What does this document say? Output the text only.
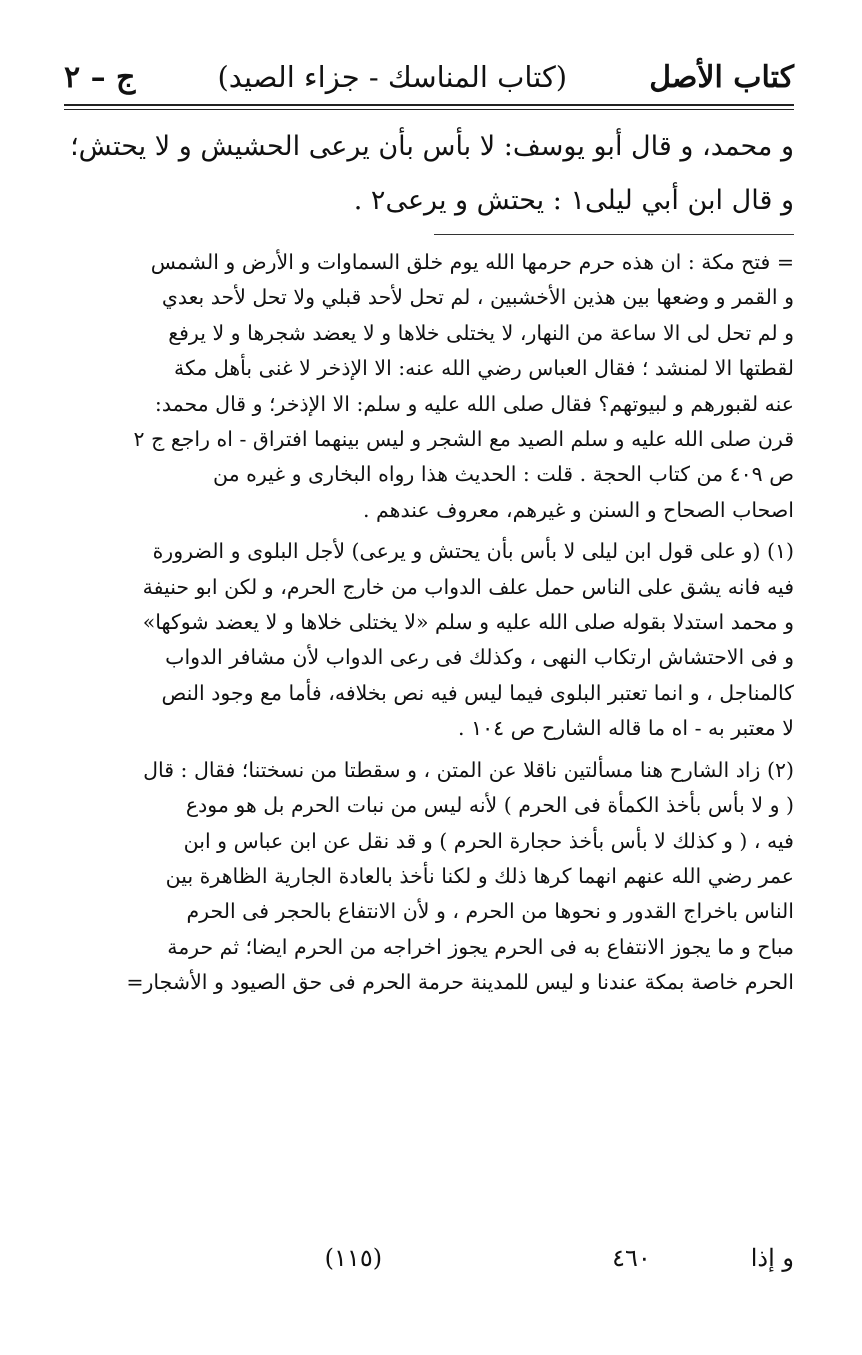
كتاب الأصل
(كتاب المناسك - جزاء الصيد)
ج – ٢
و محمد، و قال أبو يوسف: لا بأس بأن يرعى الحشيش و لا يحتش؛
و قال ابن أبي ليلى١ : يحتش و يرعى٢ .
= فتح مكة : ان هذه حرم حرمها الله يوم خلق السماوات و الأرض و الشمس
و القمر و وضعها بين هذين الأخشبين ، لم تحل لأحد قبلي ولا تحل لأحد بعدي
و لم تحل لى الا ساعة من النهار، لا يختلى خلاها و لا يعضد شجرها و لا يرفع
لقطتها الا لمنشد ؛ فقال العباس رضي الله عنه: الا الإذخر لا غنى بأهل مكة
عنه لقبورهم و لبيوتهم؟ فقال صلى الله عليه و سلم: الا الإذخر؛ و قال محمد:
قرن صلى الله عليه و سلم الصيد مع الشجر و ليس بينهما افتراق - اه راجع ج ٢
ص ٤٠٩ من كتاب الحجة . قلت : الحديث هذا رواه البخارى و غيره من
اصحاب الصحاح و السنن و غيرهم، معروف عندهم .
(١) (و على قول ابن ليلى لا بأس بأن يحتش و يرعى) لأجل البلوى و الضرورة
فيه فانه يشق على الناس حمل علف الدواب من خارج الحرم، و لكن ابو حنيفة
و محمد استدلا بقوله صلى الله عليه و سلم «لا يختلى خلاها و لا يعضد شوكها»
و فى الاحتشاش ارتكاب النهى ، وكذلك فى رعى الدواب لأن مشافر الدواب
كالمناجل ، و انما تعتبر البلوى فيما ليس فيه نص بخلافه، فأما مع وجود النص
لا معتبر به - اه ما قاله الشارح ص ١٠٤ .
(٢) زاد الشارح هنا مسألتين ناقلا عن المتن ، و سقطتا من نسختنا؛ فقال : قال
( و لا بأس بأخذ الكمأة فى الحرم ) لأنه ليس من نبات الحرم بل هو مودع
فيه ، ( و كذلك لا بأس بأخذ حجارة الحرم ) و قد نقل عن ابن عباس و ابن
عمر رضي الله عنهم انهما كرها ذلك و لكنا نأخذ بالعادة الجارية الظاهرة بين
الناس باخراج القدور و نحوها من الحرم ، و لأن الانتفاع بالحجر فى الحرم
مباح و ما يجوز الانتفاع به فى الحرم يجوز اخراجه من الحرم ايضا؛ ثم حرمة
الحرم خاصة بمكة عندنا و ليس للمدينة حرمة الحرم فى حق الصيود و الأشجار=
و إذا
٤٦٠
(١١٥)
